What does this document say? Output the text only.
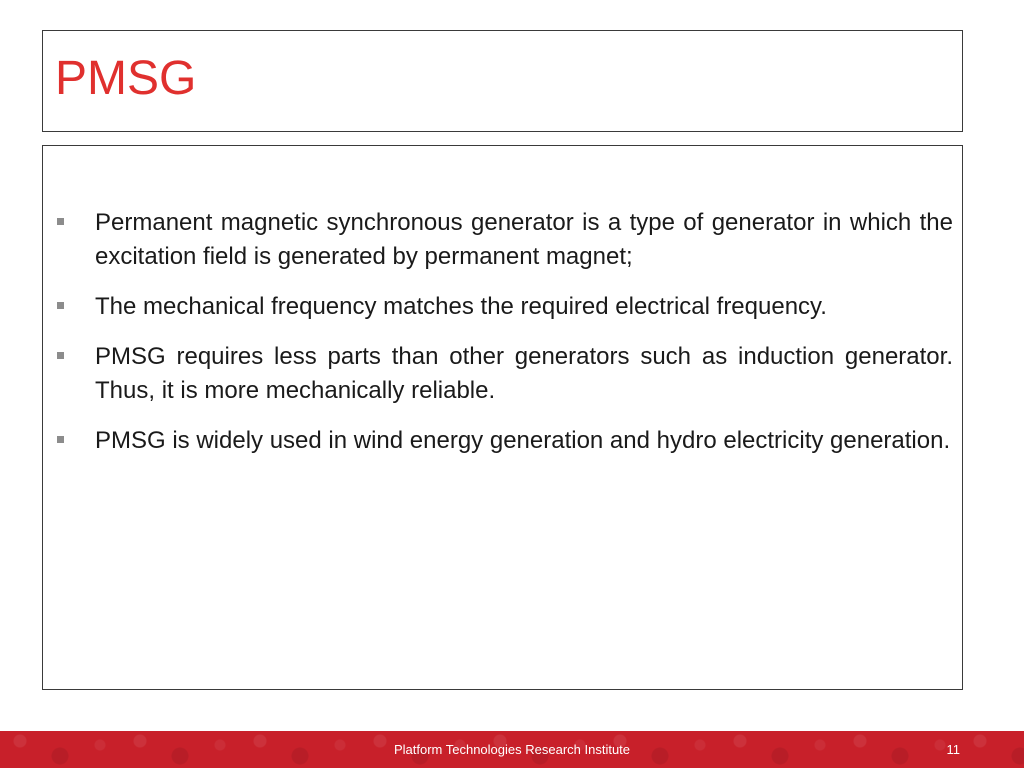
PMSG
Permanent magnetic synchronous generator is a type of generator in which the excitation field is generated by permanent magnet;
The mechanical frequency matches the required electrical frequency.
PMSG requires less parts than other generators such as induction generator. Thus, it is more mechanically reliable.
PMSG is widely used in wind energy generation and hydro electricity generation.
Platform Technologies Research Institute	11
